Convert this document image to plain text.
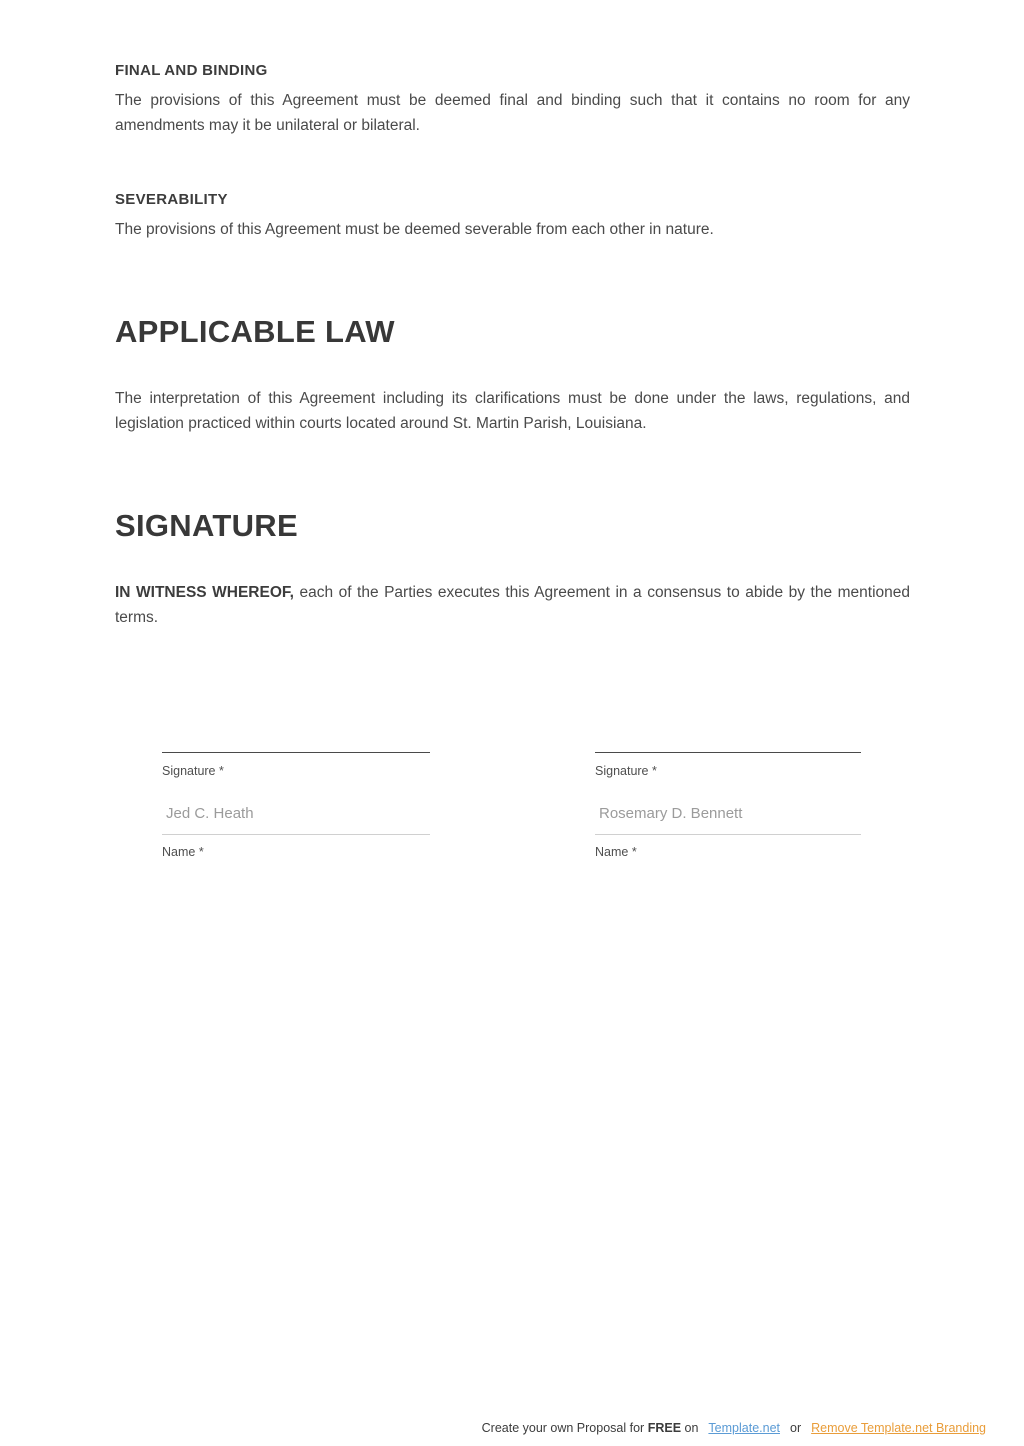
FINAL AND BINDING
The provisions of this Agreement must be deemed final and binding such that it contains no room for any amendments may it be unilateral or bilateral.
SEVERABILITY
The provisions of this Agreement must be deemed severable from each other in nature.
APPLICABLE LAW
The interpretation of this Agreement including its clarifications must be done under the laws, regulations, and legislation practiced within courts located around St. Martin Parish, Louisiana.
SIGNATURE
IN WITNESS WHEREOF, each of the Parties executes this Agreement in a consensus to abide by the mentioned terms.
Signature *
Jed C. Heath
Name *
Signature *
Rosemary D. Bennett
Name *
Create your own Proposal for FREE on Template.net or Remove Template.net Branding
